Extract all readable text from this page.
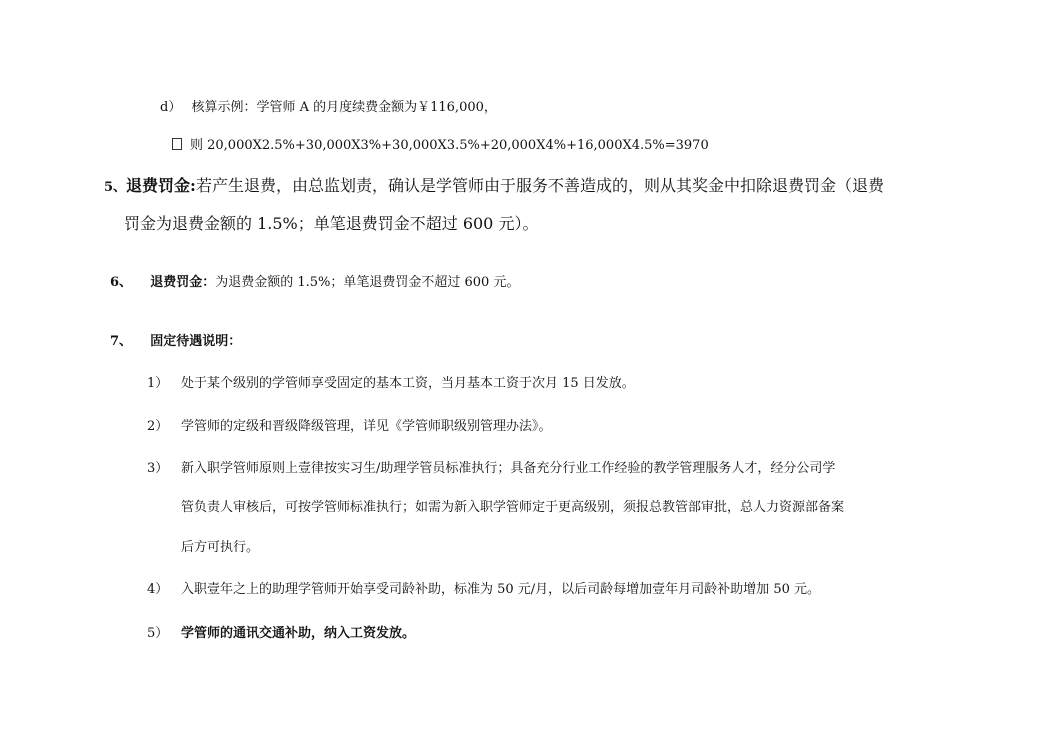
d） 核算示例：学管师 A 的月度续费金额为￥116,000，
则 20,000X2.5%+30,000X3%+30,000X3.5%+20,000X4%+16,000X4.5%=3970
5、退费罚金:若产生退费，由总监划责，确认是学管师由于服务不善造成的，则从其奖金中扣除退费罚金（退费
罚金为退费金额的 1.5%；单笔退费罚金不超过 600 元）。
6、 退费罚金：为退费金额的 1.5%；单笔退费罚金不超过 600 元。
7、 固定待遇说明：
1） 处于某个级别的学管师享受固定的基本工资，当月基本工资于次月 15 日发放。
2） 学管师的定级和晋级降级管理，详见《学管师职级别管理办法》。
3） 新入职学管师原则上壹律按实习生/助理学管员标准执行；具备充分行业工作经验的教学管理服务人才，经分公司学
管负责人审核后，可按学管师标准执行；如需为新入职学管师定于更高级别，须报总教管部审批，总人力资源部备案
后方可执行。
4） 入职壹年之上的助理学管师开始享受司龄补助，标准为 50 元/月，以后司龄每增加壹年月司龄补助增加 50 元。
5） 学管师的通讯交通补助，纳入工资发放。
